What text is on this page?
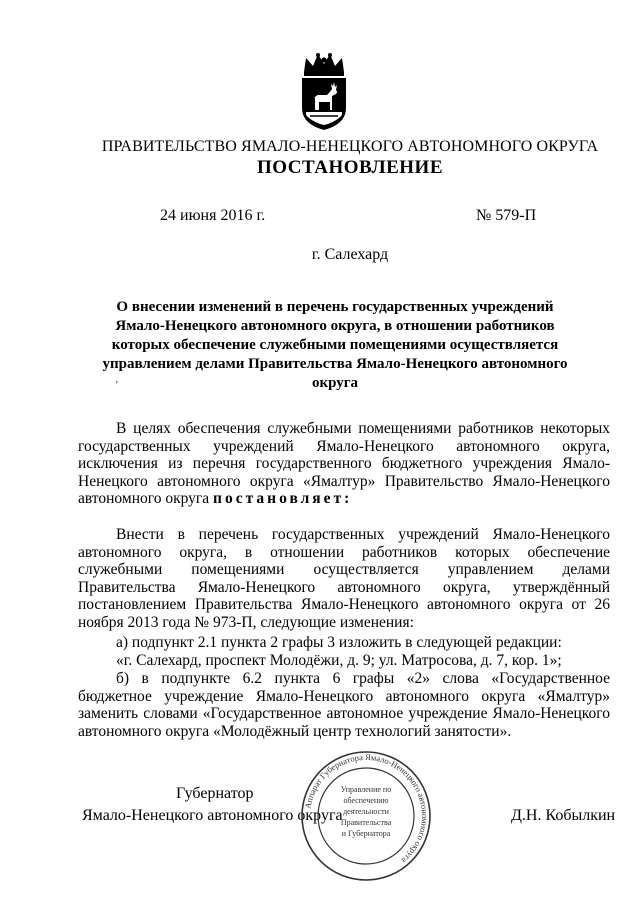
ПРАВИТЕЛЬСТВО ЯМАЛО-НЕНЕЦКОГО АВТОНОМНОГО ОКРУГА
ПОСТАНОВЛЕНИЕ
24 июня 2016 г.	№ 579-П
г. Салехард
О внесении изменений в перечень государственных учреждений Ямало-Ненецкого автономного округа, в отношении работников которых обеспечение служебными помещениями осуществляется управлением делами Правительства Ямало-Ненецкого автономного округа
'
В целях обеспечения служебными помещениями работников некоторых государственных учреждений Ямало-Ненецкого автономного округа, исключения из перечня государственного бюджетного учреждения Ямало-Ненецкого автономного округа «Ямалтур» Правительство Ямало-Ненецкого автономного округа постановляет:
Внести в перечень государственных учреждений Ямало-Ненецкого автономного округа, в отношении работников которых обеспечение служебными помещениями осуществляется управлением делами Правительства Ямало-Ненецкого автономного округа, утверждённый постановлением Правительства Ямало-Ненецкого автономного округа от 26 ноября 2013 года № 973-П, следующие изменения:
а) подпункт 2.1 пункта 2 графы 3 изложить в следующей редакции:
«г. Салехард, проспект Молодёжи, д. 9; ул. Матросова, д. 7, кор. 1»;
б) в подпункте 6.2 пункта 6 графы «2» слова «Государственное бюджетное учреждение Ямало-Ненецкого автономного округа «Ямалтур» заменить словами «Государственное автономное учреждение Ямало-Ненецкого автономного округа «Молодёжный центр технологий занятости».
Губернатор
Ямало-Ненецкого автономного округа	Д.Н. Кобылкин
Аппарат Губернатора Ямало-Ненецкого автономного округа
Управление по
обеспечению
деятельности
Правительства
и Губернатора
